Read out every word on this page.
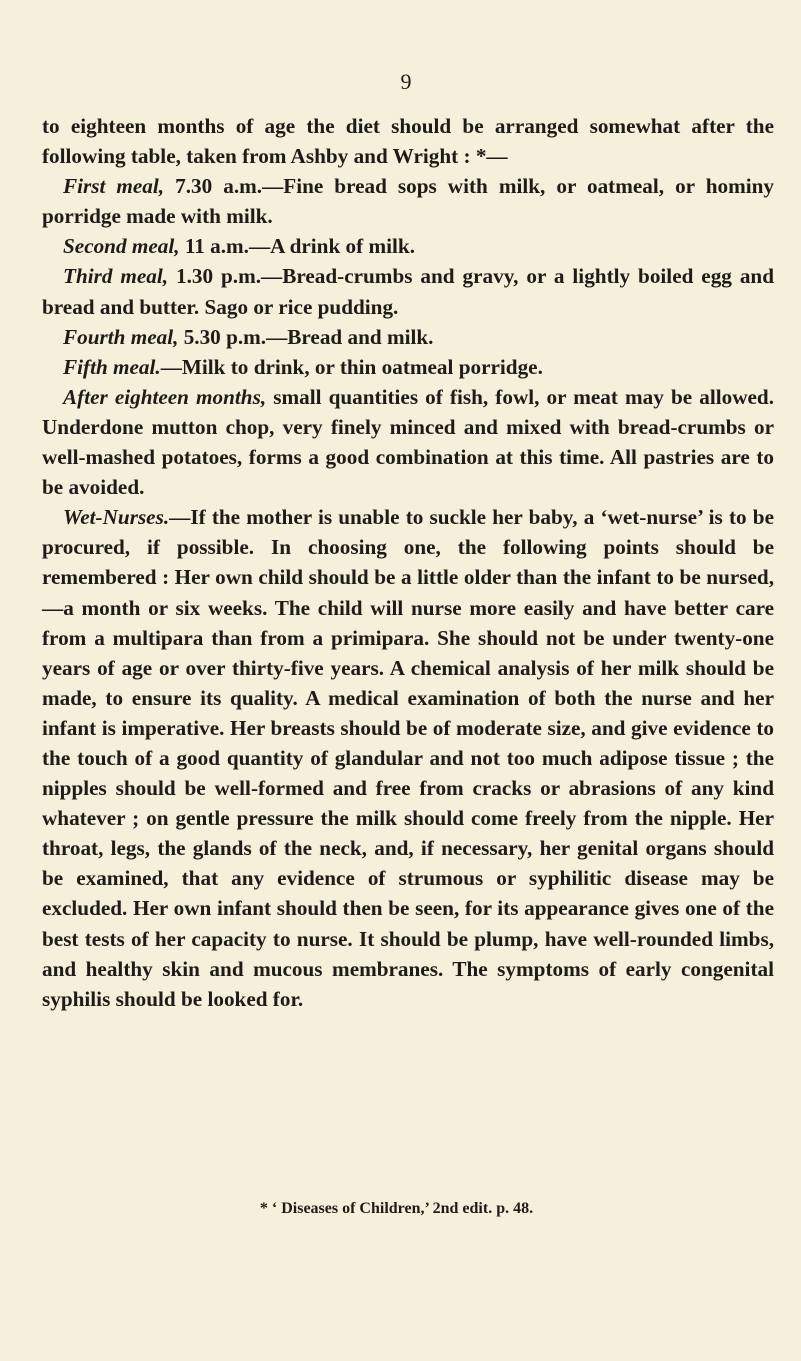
9

to eighteen months of age the diet should be arranged somewhat after the following table, taken from Ashby and Wright : *—

First meal, 7.30 a.m.—Fine bread sops with milk, or oatmeal, or hominy porridge made with milk.

Second meal, 11 a.m.—A drink of milk.

Third meal, 1.30 p.m.—Bread-crumbs and gravy, or a lightly boiled egg and bread and butter. Sago or rice pudding.

Fourth meal, 5.30 p.m.—Bread and milk.

Fifth meal.—Milk to drink, or thin oatmeal porridge.

After eighteen months, small quantities of fish, fowl, or meat may be allowed. Underdone mutton chop, very finely minced and mixed with bread-crumbs or well-mashed potatoes, forms a good combination at this time. All pastries are to be avoided.

Wet-Nurses.—If the mother is unable to suckle her baby, a ‘wet-nurse’ is to be procured, if possible. In choosing one, the following points should be remembered : Her own child should be a little older than the infant to be nursed,—a month or six weeks. The child will nurse more easily and have better care from a multipara than from a primipara. She should not be under twenty-one years of age or over thirty-five years. A chemical analysis of her milk should be made, to ensure its quality. A medical examination of both the nurse and her infant is imperative. Her breasts should be of moderate size, and give evidence to the touch of a good quantity of glandular and not too much adipose tissue ; the nipples should be well-formed and free from cracks or abrasions of any kind whatever ; on gentle pressure the milk should come freely from the nipple. Her throat, legs, the glands of the neck, and, if necessary, her genital organs should be examined, that any evidence of strumous or syphilitic disease may be excluded. Her own infant should then be seen, for its appearance gives one of the best tests of her capacity to nurse. It should be plump, have well-rounded limbs, and healthy skin and mucous membranes. The symptoms of early congenital syphilis should be looked for.

* ‘ Diseases of Children,’ 2nd edit. p. 48.
